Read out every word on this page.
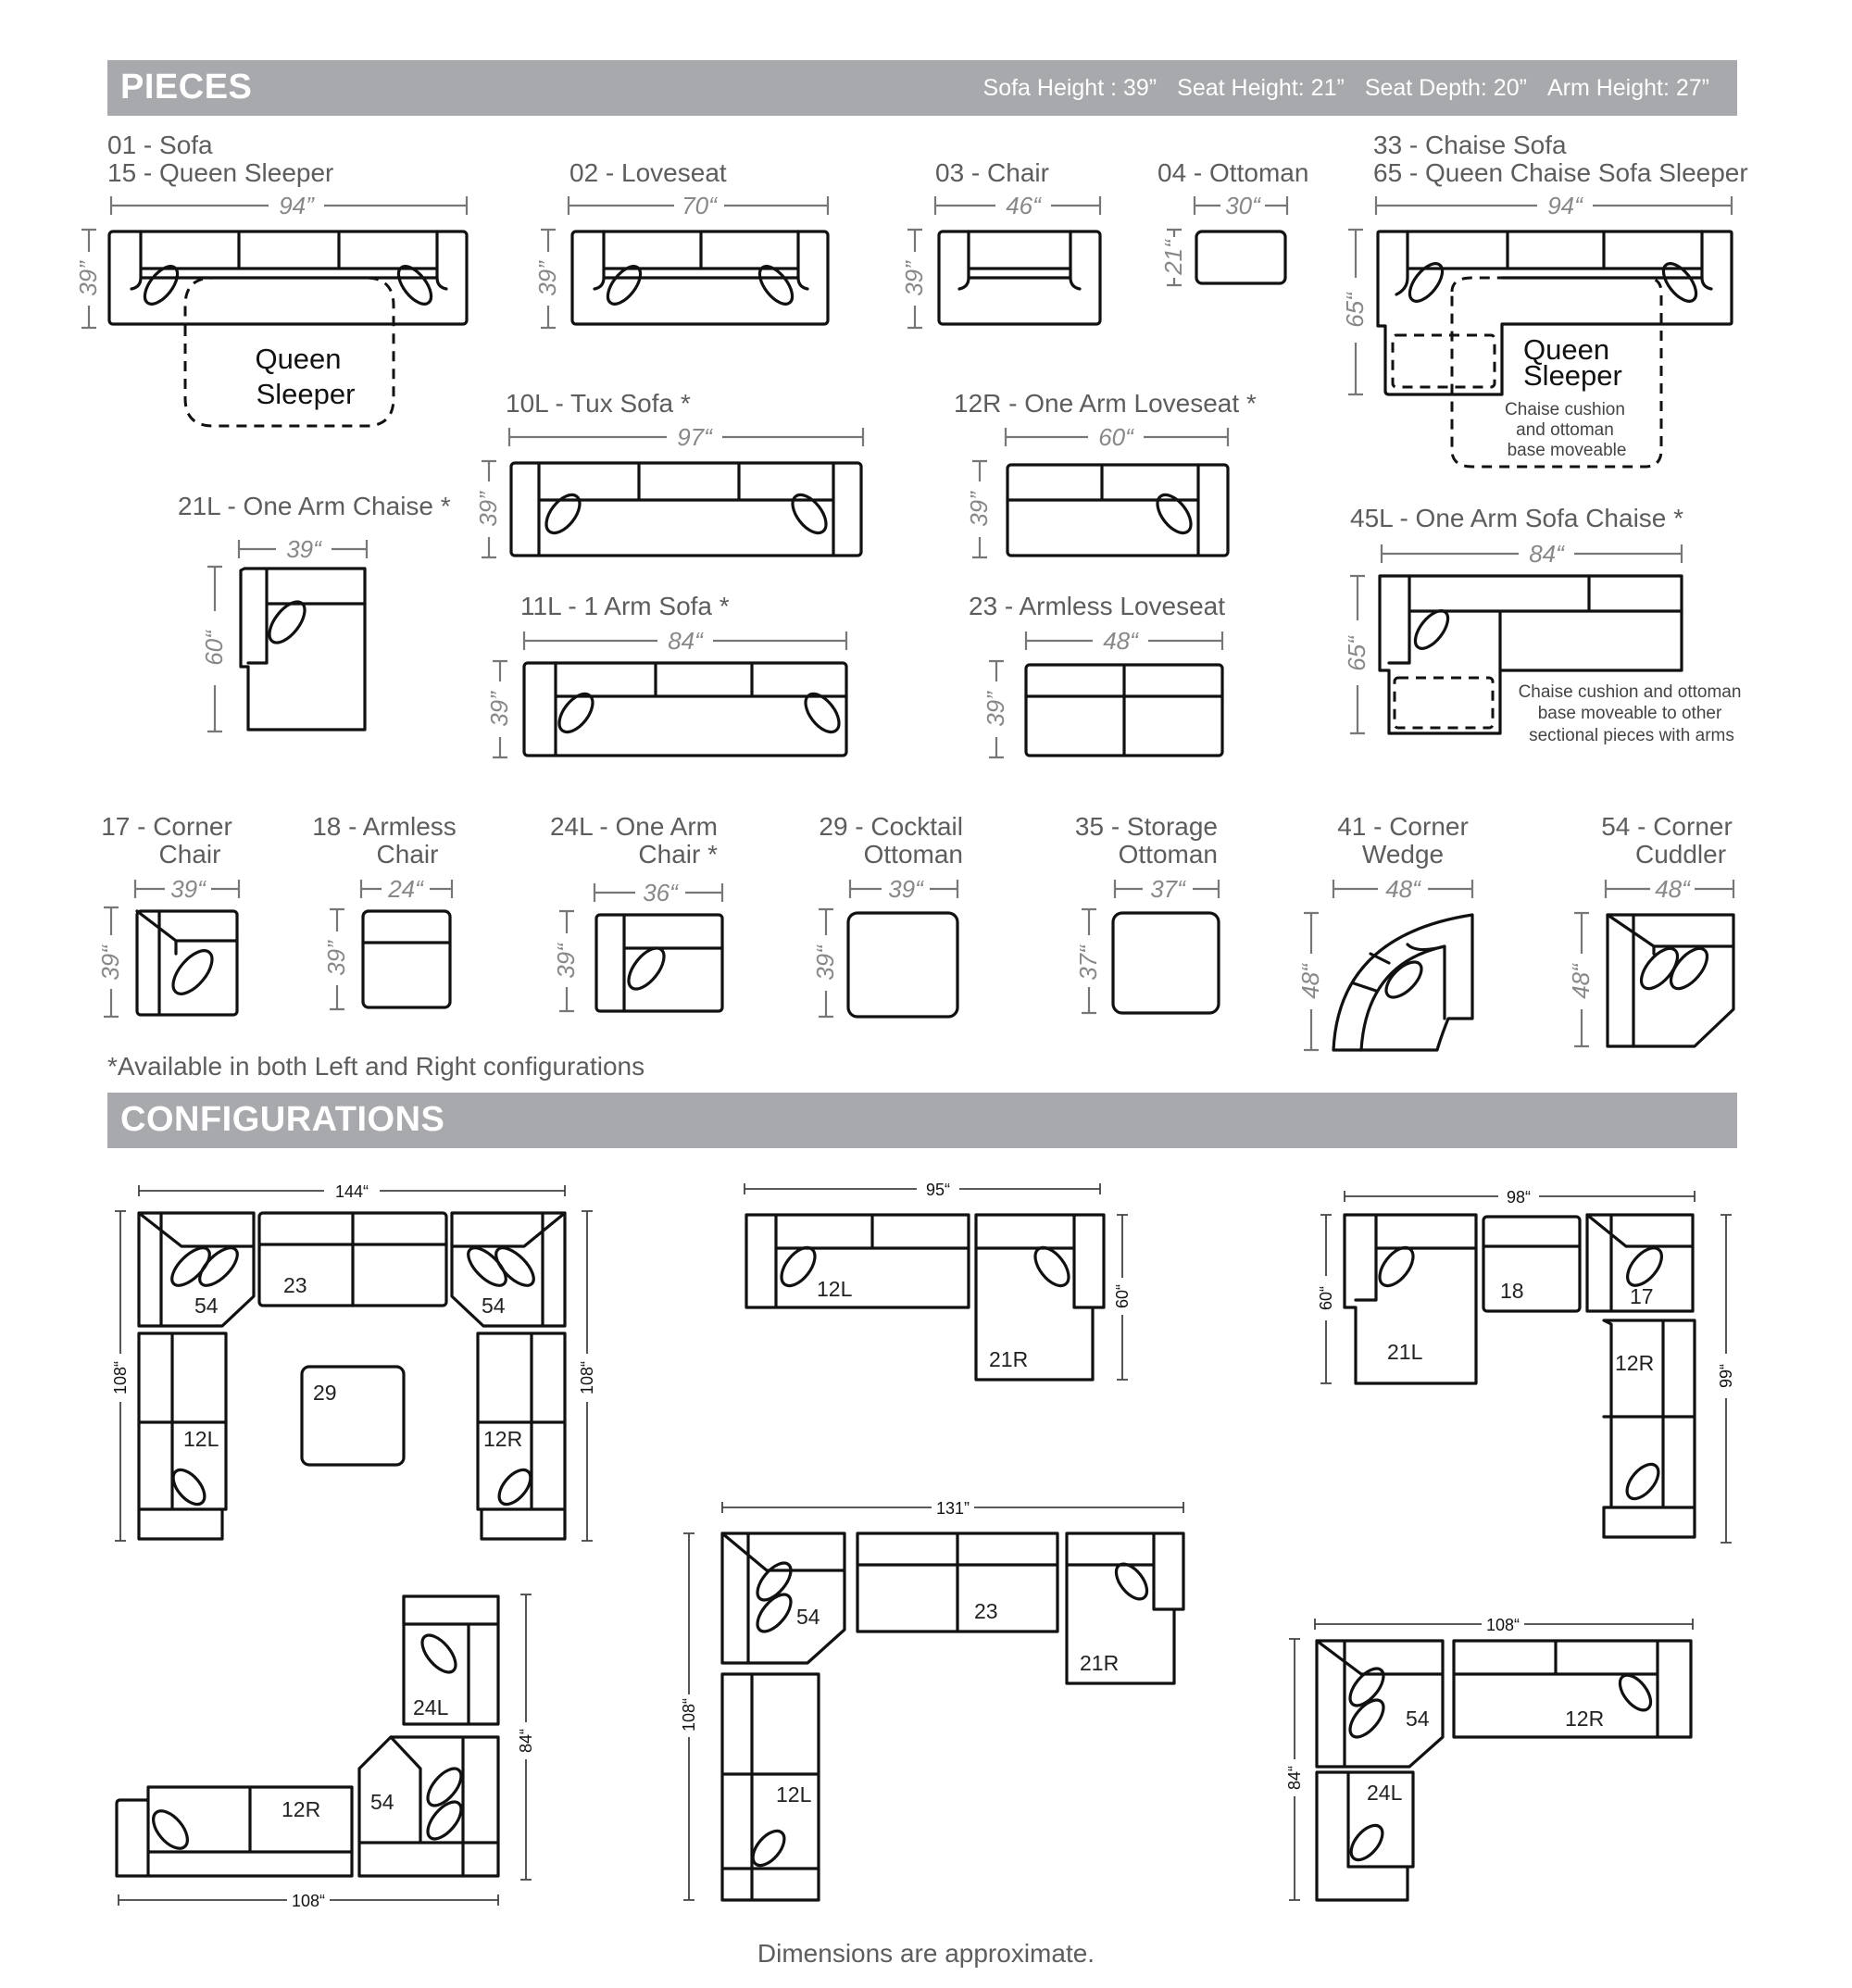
PIECES	Sofa Height : 39” Seat Height: 21” Seat Depth: 20” Arm Height: 27”
CONFIGURATIONS
01 - Sofa
15 - Queen Sleeper	02 - Loveseat	03 - Chair	04 - Ottoman
33 - Chaise Sofa
65 - Queen Chaise Sofa Sleeper
10L - Tux Sofa *	12R - One Arm Loveseat *
21L - One Arm Chaise *	45L - One Arm Sofa Chaise *
11L - 1 Arm Sofa *	23 - Armless Loveseat
17 - Corner
Chair
18 - Armless
Chair
24L - One Arm
Chair *
29 - Cocktail
Ottoman
35 - Storage
Ottoman
41 - Corner
Wedge
54 - Corner
Cuddler
*Available in both Left and Right configurations
Dimensions are approximate.
94”
39”
Queen
Sleeper
70“
39”
46“
39”
30“
21“
94“
65“
Queen
Sleeper
Chaise cushion
and ottoman
base moveable
97“
39”
60“
39”
39“
60“
84“
65“
Chaise cushion and ottoman
base moveable to other
sectional pieces with arms
84“
39”
48“
39”
39“
39“
24“
39”
36“
39“
39“
39“
37“
37“
48“
48“
48“
48“
144“
108“	108“
54
23
54
29
12L	12R
95“
60“
12L
21R
98“
60“
99“
21L
18	17
12R
108“
84“
24L
12R 54
131”
108“
54	23
21R
12L
108“
84“
54	12R
24L
